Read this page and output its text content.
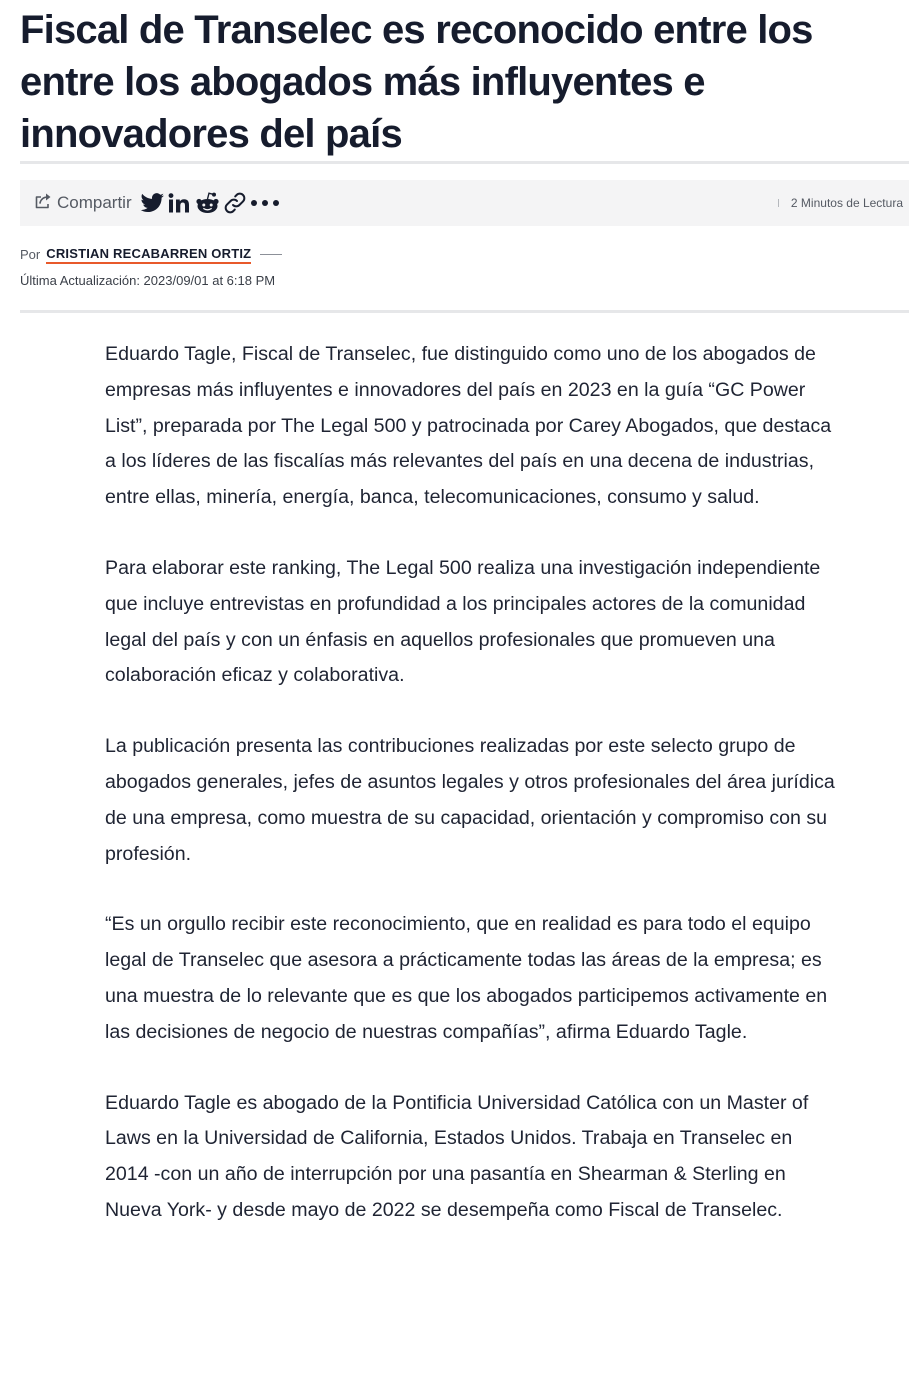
Fiscal de Transelec es reconocido entre los entre los abogados más influyentes e innovadores del país
Compartir	2 Minutos de Lectura
Por CRISTIAN RECABARREN ORTIZ
Última Actualización: 2023/09/01 at 6:18 PM

Eduardo Tagle, Fiscal de Transelec, fue distinguido como uno de los abogados de empresas más influyentes e innovadores del país en 2023 en la guía “GC Power List”, preparada por The Legal 500 y patrocinada por Carey Abogados, que destaca a los líderes de las fiscalías más relevantes del país en una decena de industrias, entre ellas, minería, energía, banca, telecomunicaciones, consumo y salud.

Para elaborar este ranking, The Legal 500 realiza una investigación independiente que incluye entrevistas en profundidad a los principales actores de la comunidad legal del país y con un énfasis en aquellos profesionales que promueven una colaboración eficaz y colaborativa.

La publicación presenta las contribuciones realizadas por este selecto grupo de abogados generales, jefes de asuntos legales y otros profesionales del área jurídica de una empresa, como muestra de su capacidad, orientación y compromiso con su profesión.

“Es un orgullo recibir este reconocimiento, que en realidad es para todo el equipo legal de Transelec que asesora a prácticamente todas las áreas de la empresa; es una muestra de lo relevante que es que los abogados participemos activamente en las decisiones de negocio de nuestras compañías”, afirma Eduardo Tagle.

Eduardo Tagle es abogado de la Pontificia Universidad Católica con un Master of Laws en la Universidad de California, Estados Unidos. Trabaja en Transelec en 2014 -con un año de interrupción por una pasantía en Shearman & Sterling en Nueva York- y desde mayo de 2022 se desempeña como Fiscal de Transelec.
